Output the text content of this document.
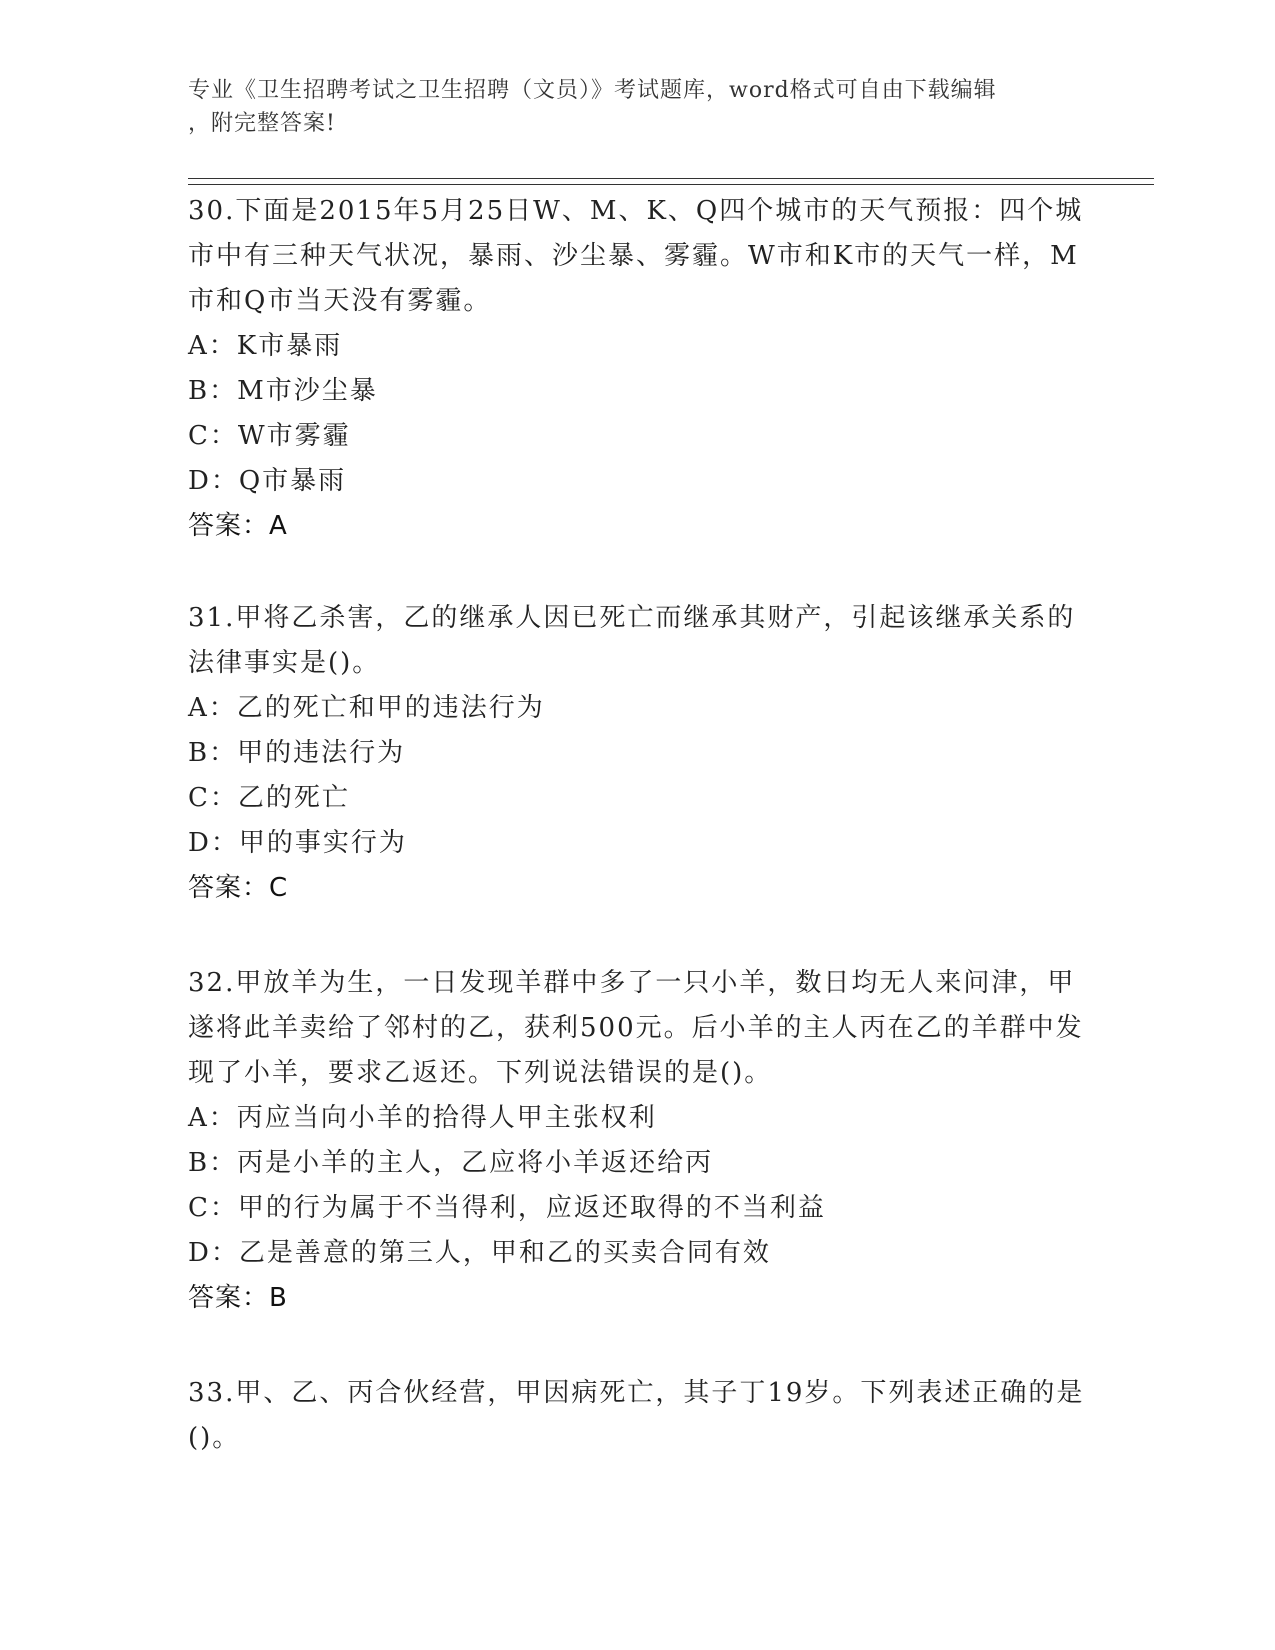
专业《卫生招聘考试之卫生招聘（文员）》考试题库，word格式可自由下载编辑
，附完整答案!
30.下面是2015年5月25日W、M、K、Q四个城市的天气预报：四个城市中有三种天气状况，暴雨、沙尘暴、雾霾。W市和K市的天气一样，M市和Q市当天没有雾霾。
A：K市暴雨
B：M市沙尘暴
C：W市雾霾
D：Q市暴雨
答案：A
31.甲将乙杀害，乙的继承人因已死亡而继承其财产，引起该继承关系的法律事实是()。
A：乙的死亡和甲的违法行为
B：甲的违法行为
C：乙的死亡
D：甲的事实行为
答案：C
32.甲放羊为生，一日发现羊群中多了一只小羊，数日均无人来问津，甲遂将此羊卖给了邻村的乙，获利500元。后小羊的主人丙在乙的羊群中发现了小羊，要求乙返还。下列说法错误的是()。
A：丙应当向小羊的拾得人甲主张权利
B：丙是小羊的主人，乙应将小羊返还给丙
C：甲的行为属于不当得利，应返还取得的不当利益
D：乙是善意的第三人，甲和乙的买卖合同有效
答案：B
33.甲、乙、丙合伙经营，甲因病死亡，其子丁19岁。下列表述正确的是()。
